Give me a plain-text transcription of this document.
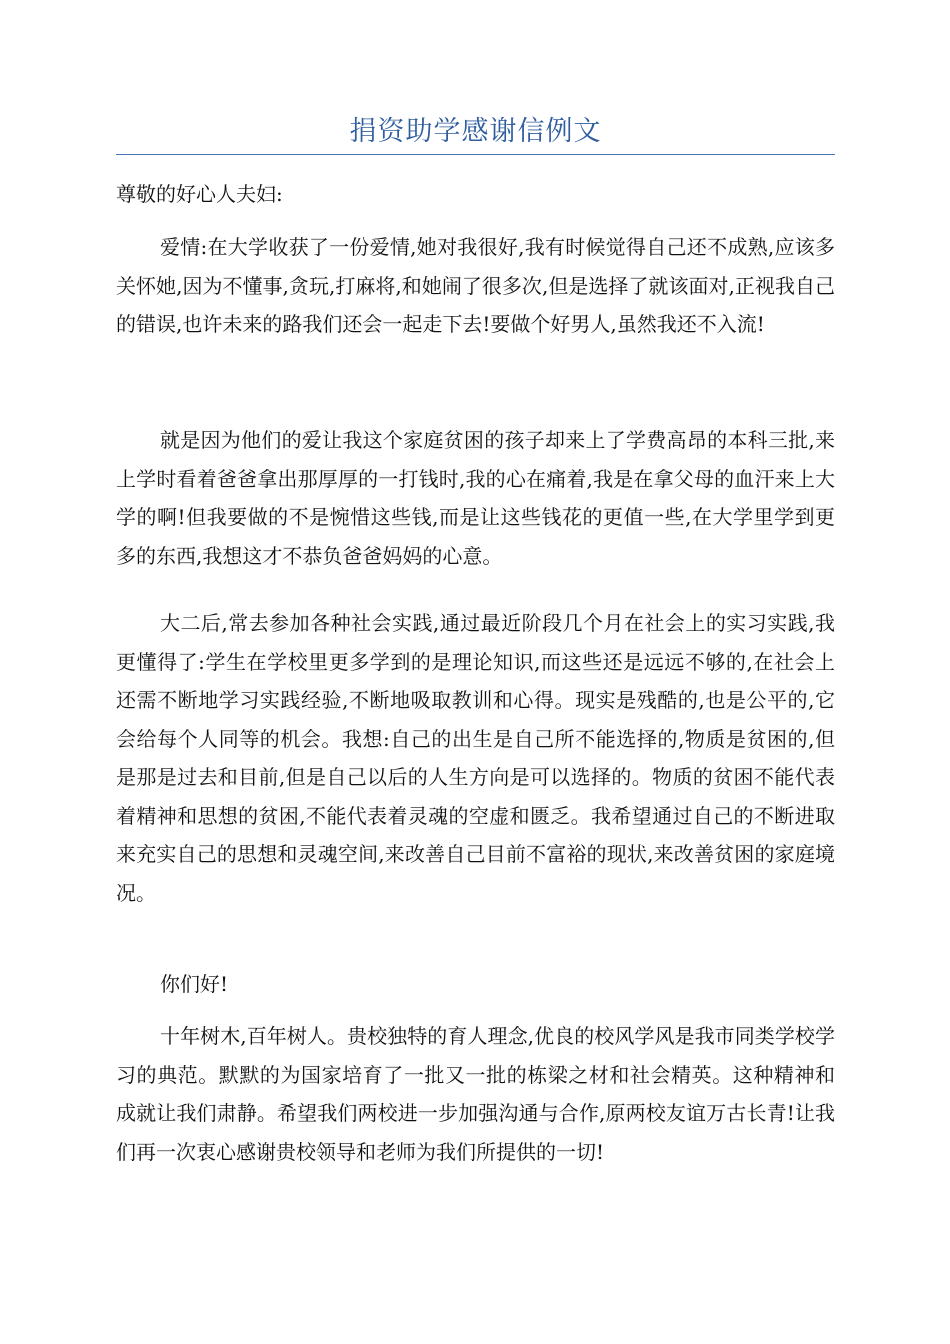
捐资助学感谢信例文

尊敬的好心人夫妇:

爱情:在大学收获了一份爱情,她对我很好,我有时候觉得自己还不成熟,应该多关怀她,因为不懂事,贪玩,打麻将,和她闹了很多次,但是选择了就该面对,正视我自己的错误,也许未来的路我们还会一起走下去!要做个好男人,虽然我还不入流!

就是因为他们的爱让我这个家庭贫困的孩子却来上了学费高昂的本科三批,来上学时看着爸爸拿出那厚厚的一打钱时,我的心在痛着,我是在拿父母的血汗来上大学的啊!但我要做的不是惋惜这些钱,而是让这些钱花的更值一些,在大学里学到更多的东西,我想这才不恭负爸爸妈妈的心意。

大二后,常去参加各种社会实践,通过最近阶段几个月在社会上的实习实践,我更懂得了:学生在学校里更多学到的是理论知识,而这些还是远远不够的,在社会上还需不断地学习实践经验,不断地吸取教训和心得。现实是残酷的,也是公平的,它会给每个人同等的机会。我想:自己的出生是自己所不能选择的,物质是贫困的,但是那是过去和目前,但是自己以后的人生方向是可以选择的。物质的贫困不能代表着精神和思想的贫困,不能代表着灵魂的空虚和匮乏。我希望通过自己的不断进取来充实自己的思想和灵魂空间,来改善自己目前不富裕的现状,来改善贫困的家庭境况。

你们好!

十年树木,百年树人。贵校独特的育人理念,优良的校风学风是我市同类学校学习的典范。默默的为国家培育了一批又一批的栋梁之材和社会精英。这种精神和成就让我们肃静。希望我们两校进一步加强沟通与合作,原两校友谊万古长青!让我们再一次衷心感谢贵校领导和老师为我们所提供的一切!
